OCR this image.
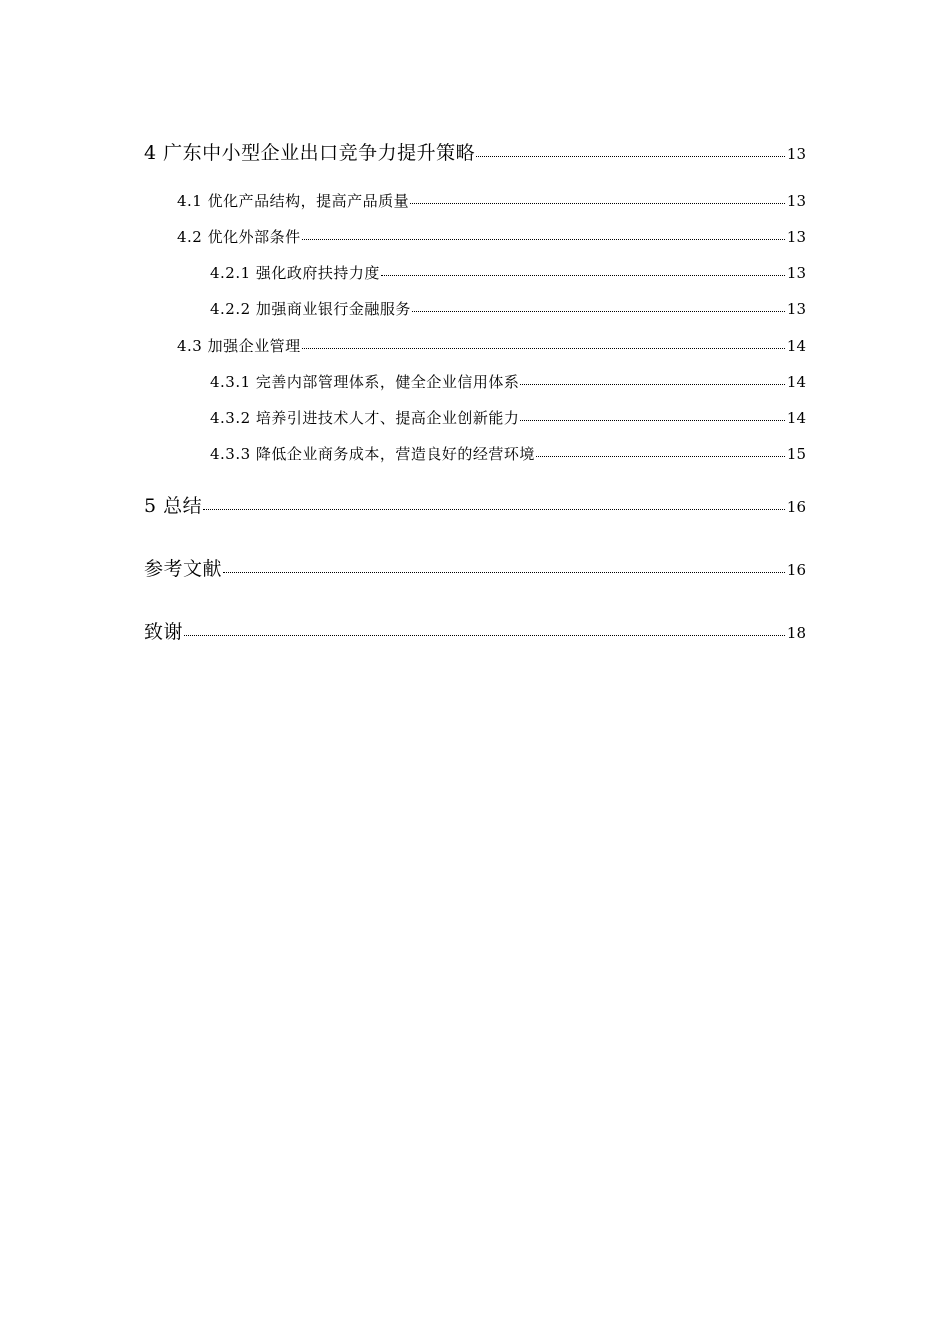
4 广东中小型企业出口竞争力提升策略	13
4.1 优化产品结构，提高产品质量	13
4.2 优化外部条件	13
4.2.1 强化政府扶持力度	13
4.2.2 加强商业银行金融服务	13
4.3 加强企业管理	14
4.3.1 完善内部管理体系，健全企业信用体系	14
4.3.2 培养引进技术人才、提高企业创新能力	14
4.3.3 降低企业商务成本，营造良好的经营环境	15
5 总结	16
参考文献	16
致谢	18
